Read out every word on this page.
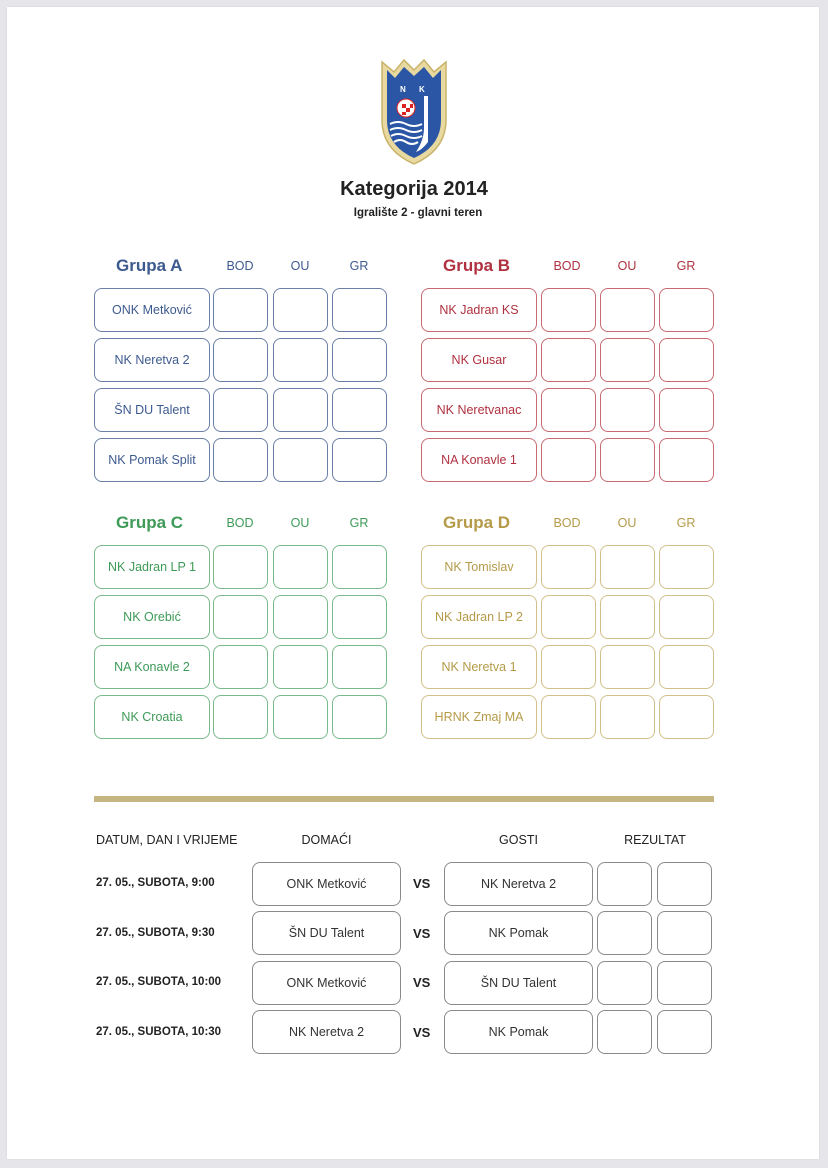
N K
Kategorija 2014
Igralište 2 - glavni teren
Grupa A	BOD	OU	GR
ONK Metković
NK Neretva 2
ŠN DU Talent
NK Pomak Split
Grupa B	BOD	OU	GR
NK Jadran KS
NK Gusar
NK Neretvanac
NA Konavle 1
Grupa C	BOD	OU	GR
NK Jadran LP 1
NK Orebić
NA Konavle 2
NK Croatia
Grupa D	BOD	OU	GR
NK Tomislav
NK Jadran LP 2
NK Neretva 1
HRNK Zmaj MA
DATUM, DAN I VRIJEME	DOMAĆI	GOSTI	REZULTAT
27. 05., SUBOTA, 9:00	ONK Metković	VS	NK Neretva 2
27. 05., SUBOTA, 9:30	ŠN DU Talent	VS	NK Pomak
27. 05., SUBOTA, 10:00	ONK Metković	VS	ŠN DU Talent
27. 05., SUBOTA, 10:30	NK Neretva 2	VS	NK Pomak
